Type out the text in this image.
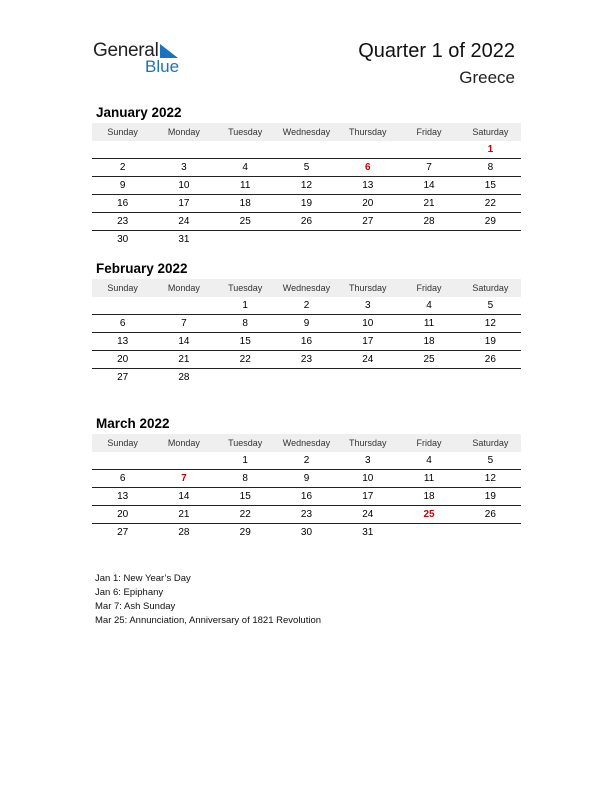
General
Blue
Quarter 1 of 2022
Greece
January 2022
Sunday	Monday	Tuesday	Wednesday	Thursday	Friday	Saturday
						1
2	3	4	5	6	7	8
9	10	11	12	13	14	15
16	17	18	19	20	21	22
23	24	25	26	27	28	29
30	31					
February 2022
Sunday	Monday	Tuesday	Wednesday	Thursday	Friday	Saturday
		1	2	3	4	5
6	7	8	9	10	11	12
13	14	15	16	17	18	19
20	21	22	23	24	25	26
27	28					
March 2022
Sunday	Monday	Tuesday	Wednesday	Thursday	Friday	Saturday
		1	2	3	4	5
6	7	8	9	10	11	12
13	14	15	16	17	18	19
20	21	22	23	24	25	26
27	28	29	30	31		
Jan 1: New Year’s Day
Jan 6: Epiphany
Mar 7: Ash Sunday
Mar 25: Annunciation, Anniversary of 1821 Revolution
